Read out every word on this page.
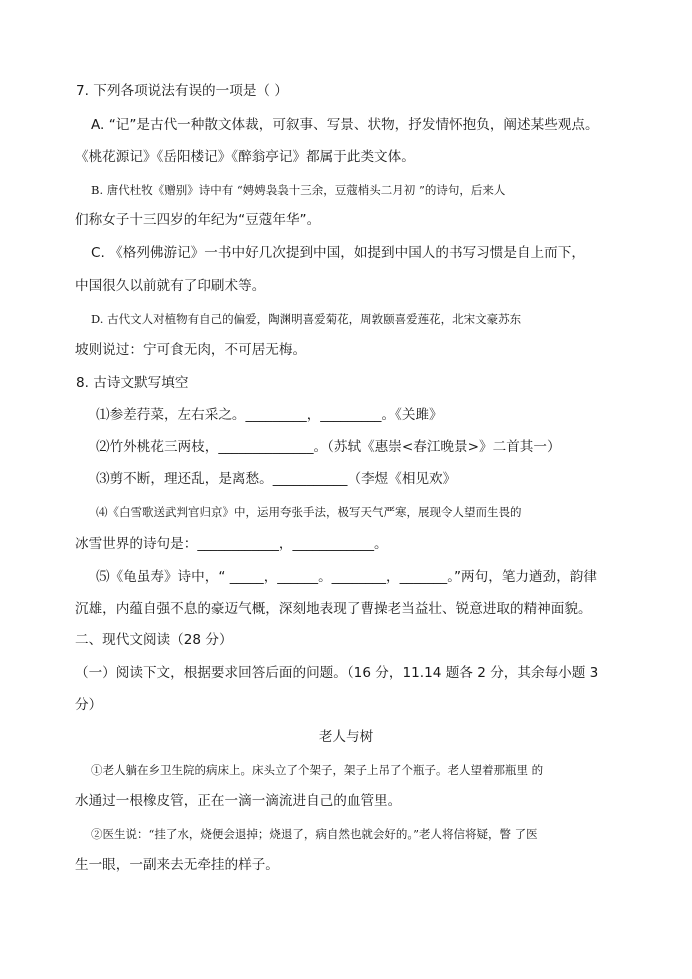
7. 下列各项说法有误的一项是（ ）
A. “记”是古代一种散文体裁，可叙事、写景、状物，抒发情怀抱负，阐述某些观点。
《桃花源记》《岳阳楼记》《醉翁亭记》都属于此类文体。
B. 唐代杜牧《赠别》诗中有 “娉娉袅袅十三余，豆蔻梢头二月初 ”的诗句，后来人
们称女子十三四岁的年纪为“豆蔻年华”。
C. 《格列佛游记》一书中好几次提到中国，如提到中国人的书写习惯是自上而下，
中国很久以前就有了印刷术等。
D. 古代文人对植物有自己的偏爱，陶渊明喜爱菊花，周敦颐喜爱莲花，北宋文豪苏东
坡则说过：宁可食无肉，不可居无梅。
8. 古诗文默写填空
⑴参差荇菜，左右采之。_________，_________。《关雎》
⑵竹外桃花三两枝，______________。（苏轼《惠崇<春江晚景>》二首其一）
⑶剪不断，理还乱，是离愁。___________（李煜《相见欢》
⑷《白雪歌送武判官归京》中，运用夸张手法，极写天气严寒，展现令人望而生畏的
冰雪世界的诗句是：____________，____________。
⑸《龟虽寿》诗中，“ _____，______。________，_______。”两句，笔力遒劲，韵律
沉雄，内蕴自强不息的豪迈气概，深刻地表现了曹操老当益壮、锐意进取的精神面貌。
二、现代文阅读（28 分）
（一）阅读下文，根据要求回答后面的问题。（16 分，11.14 题各 2 分，其余每小题 3
分）
老人与树
①老人躺在乡卫生院的病床上。床头立了个架子，架子上吊了个瓶子。老人望着那瓶里 的
水通过一根橡皮管，正在一滴一滴流进自己的血管里。
②医生说：“挂了水，烧便会退掉；烧退了，病自然也就会好的。”老人将信将疑，瞥 了医
生一眼，一副来去无牵挂的样子。
